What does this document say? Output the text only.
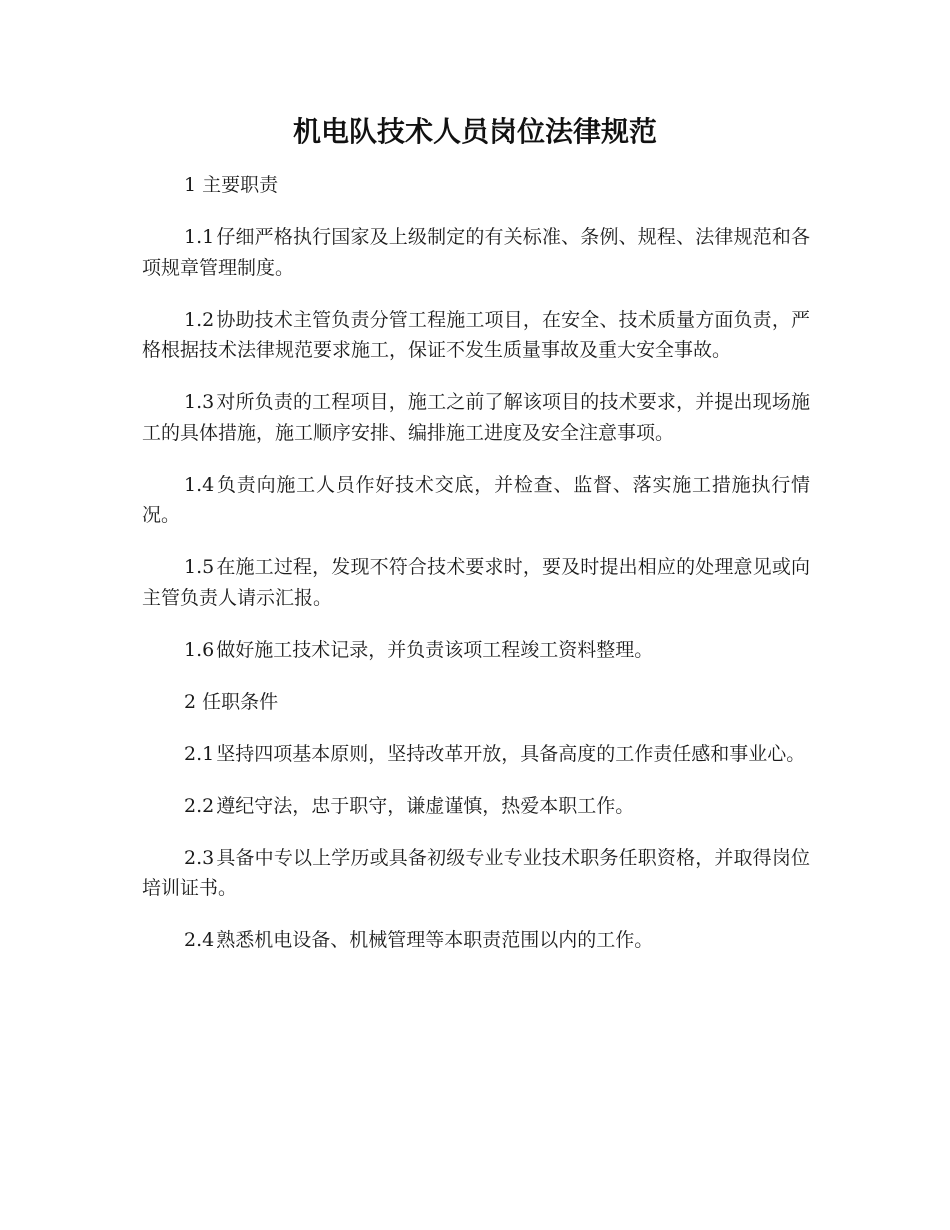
机电队技术人员岗位法律规范

1 主要职责

1.1 仔细严格执行国家及上级制定的有关标准、条例、规程、法律规范和各项规章管理制度。

1.2 协助技术主管负责分管工程施工项目，在安全、技术质量方面负责，严格根据技术法律规范要求施工，保证不发生质量事故及重大安全事故。

1.3 对所负责的工程项目，施工之前了解该项目的技术要求，并提出现场施工的具体措施，施工顺序安排、编排施工进度及安全注意事项。

1.4 负责向施工人员作好技术交底，并检查、监督、落实施工措施执行情况。

1.5 在施工过程，发现不符合技术要求时，要及时提出相应的处理意见或向主管负责人请示汇报。

1.6 做好施工技术记录，并负责该项工程竣工资料整理。

2 任职条件

2.1 坚持四项基本原则，坚持改革开放，具备高度的工作责任感和事业心。

2.2 遵纪守法，忠于职守，谦虚谨慎，热爱本职工作。

2.3 具备中专以上学历或具备初级专业专业技术职务任职资格，并取得岗位培训证书。

2.4 熟悉机电设备、机械管理等本职责范围以内的工作。
